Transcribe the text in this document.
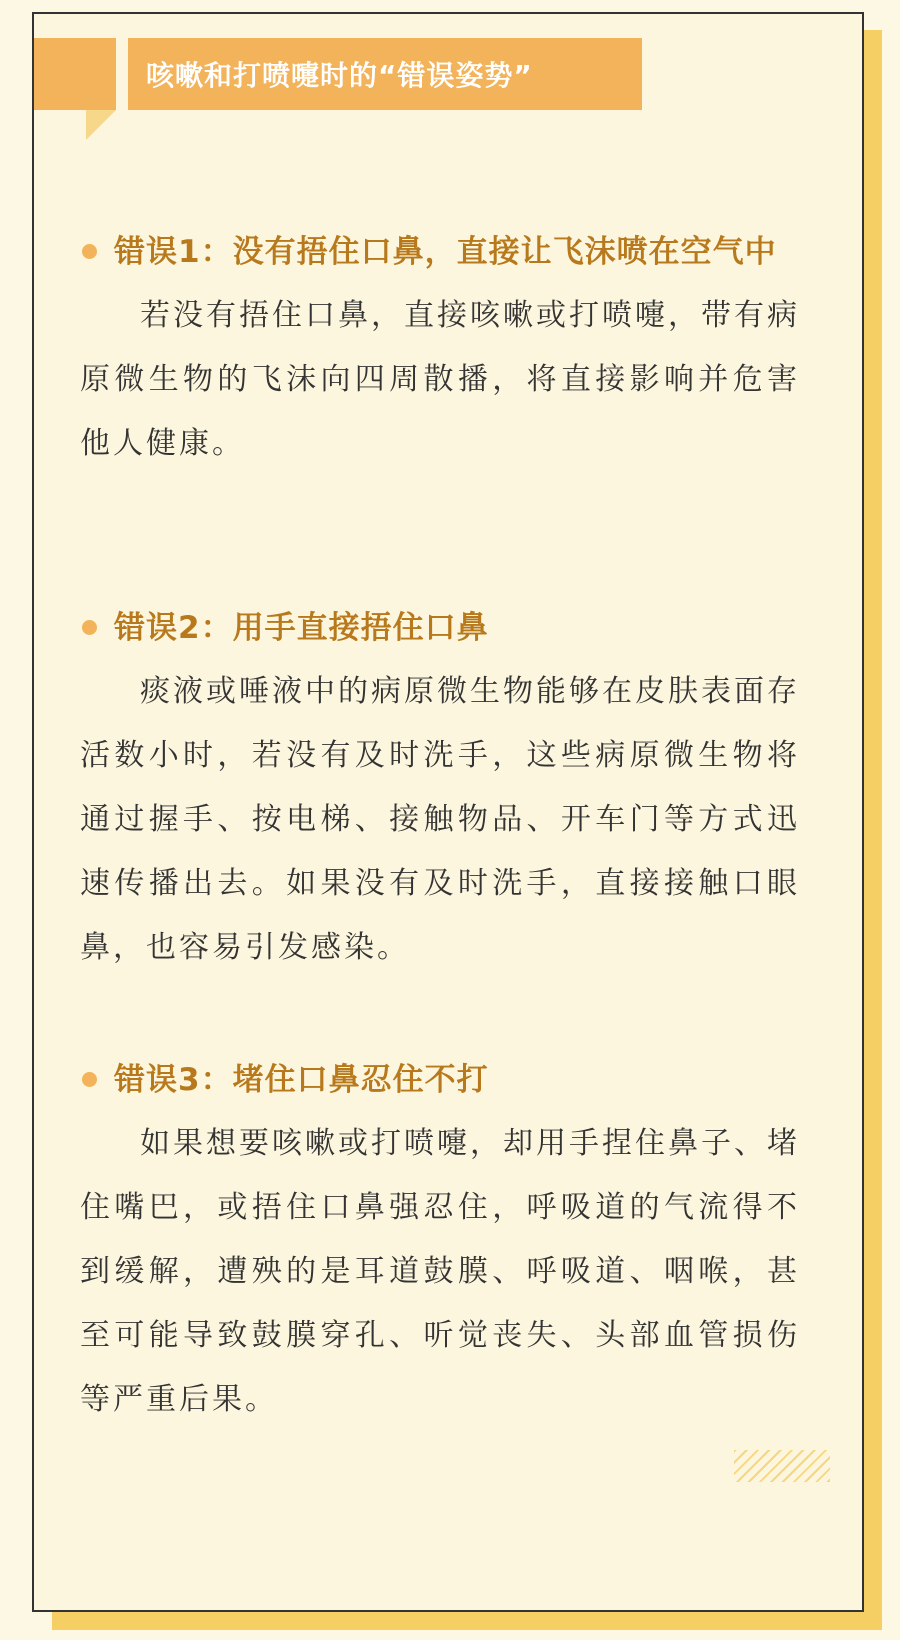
咳嗽和打喷嚏时的“错误姿势”
错误1：没有捂住口鼻，直接让飞沫喷在空气中

若没有捂住口鼻，直接咳嗽或打喷嚏，带有病原微生物的飞沫向四周散播，将直接影响并危害他人健康。

错误2：用手直接捂住口鼻

痰液或唾液中的病原微生物能够在皮肤表面存活数小时，若没有及时洗手，这些病原微生物将通过握手、按电梯、接触物品、开车门等方式迅速传播出去。如果没有及时洗手，直接接触口眼鼻，也容易引发感染。

错误3：堵住口鼻忍住不打

如果想要咳嗽或打喷嚏，却用手捏住鼻子、堵住嘴巴，或捂住口鼻强忍住，呼吸道的气流得不到缓解，遭殃的是耳道鼓膜、呼吸道、咽喉，甚至可能导致鼓膜穿孔、听觉丧失、头部血管损伤等严重后果。
